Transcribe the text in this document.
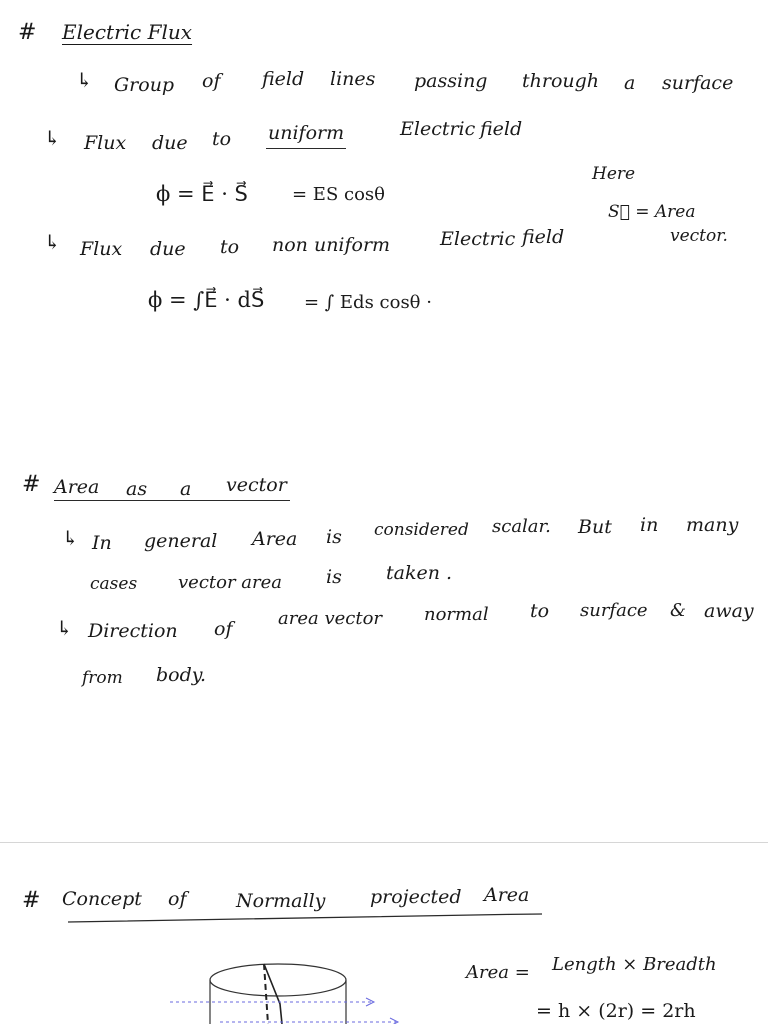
# Electric Flux
↳ Group of field lines passing through a surface
↳ Flux due to uniform	Electric field
ϕ = E⃗ · S⃗ = ES cosθ
Here
S⃗ = Area
vector.
↳ Flux due to non uniform	Electric field
ϕ = ∫E⃗ · dS⃗ = ∫ Eds cosθ ·
# Area as a vector
↳ In general Area is considered scalar. But in many
cases vector area is taken .
↳ Direction of	area vector normal to surface & away
from body.
# Concept of	Normally projected Area
Area = Length × Breadth
= h × (2r) = 2rh
